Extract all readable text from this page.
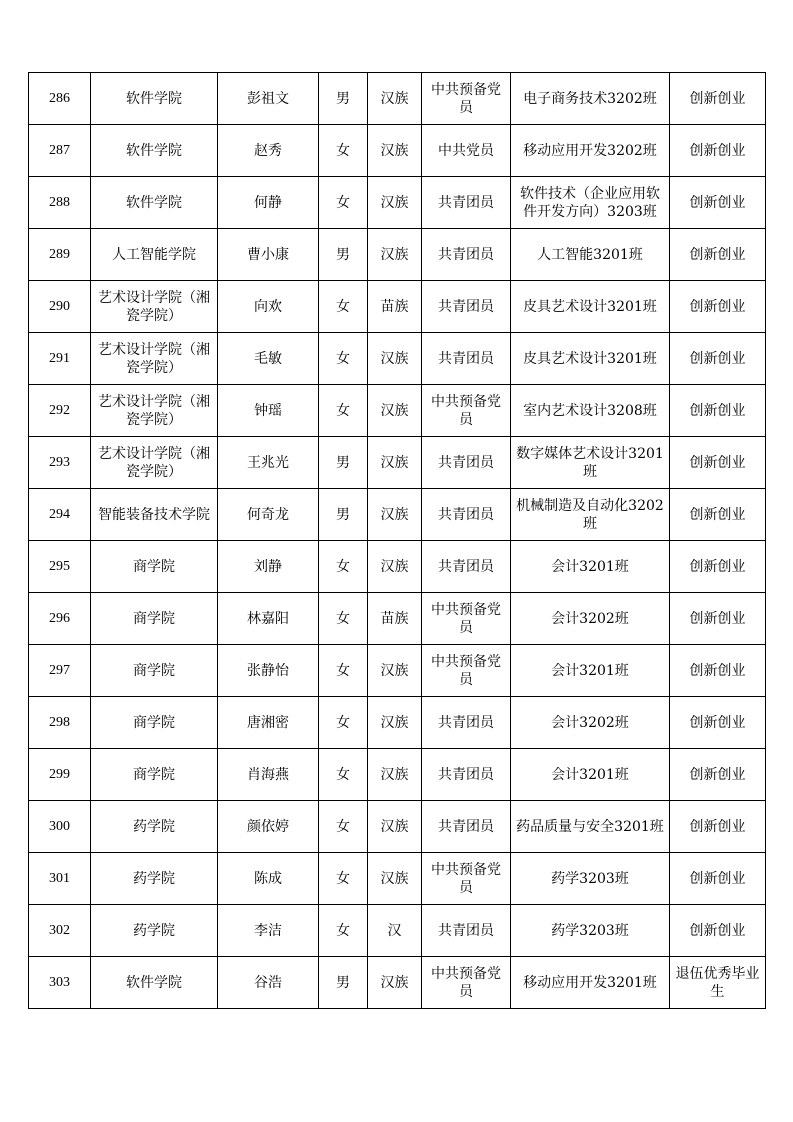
286	软件学院	彭祖文	男	汉族	中共预备党员	电子商务技术3202班	创新创业
287	软件学院	赵秀	女	汉族	中共党员	移动应用开发3202班	创新创业
288	软件学院	何静	女	汉族	共青团员	软件技术（企业应用软件开发方向）3203班	创新创业
289	人工智能学院	曹小康	男	汉族	共青团员	人工智能3201班	创新创业
290	艺术设计学院（湘瓷学院）	向欢	女	苗族	共青团员	皮具艺术设计3201班	创新创业
291	艺术设计学院（湘瓷学院）	毛敏	女	汉族	共青团员	皮具艺术设计3201班	创新创业
292	艺术设计学院（湘瓷学院）	钟瑶	女	汉族	中共预备党员	室内艺术设计3208班	创新创业
293	艺术设计学院（湘瓷学院）	王兆光	男	汉族	共青团员	数字媒体艺术设计3201班	创新创业
294	智能装备技术学院	何奇龙	男	汉族	共青团员	机械制造及自动化3202班	创新创业
295	商学院	刘静	女	汉族	共青团员	会计3201班	创新创业
296	商学院	林嘉阳	女	苗族	中共预备党员	会计3202班	创新创业
297	商学院	张静怡	女	汉族	中共预备党员	会计3201班	创新创业
298	商学院	唐湘密	女	汉族	共青团员	会计3202班	创新创业
299	商学院	肖海燕	女	汉族	共青团员	会计3201班	创新创业
300	药学院	颜依婷	女	汉族	共青团员	药品质量与安全3201班	创新创业
301	药学院	陈成	女	汉族	中共预备党员	药学3203班	创新创业
302	药学院	李洁	女	汉	共青团员	药学3203班	创新创业
303	软件学院	谷浩	男	汉族	中共预备党员	移动应用开发3201班	退伍优秀毕业生
